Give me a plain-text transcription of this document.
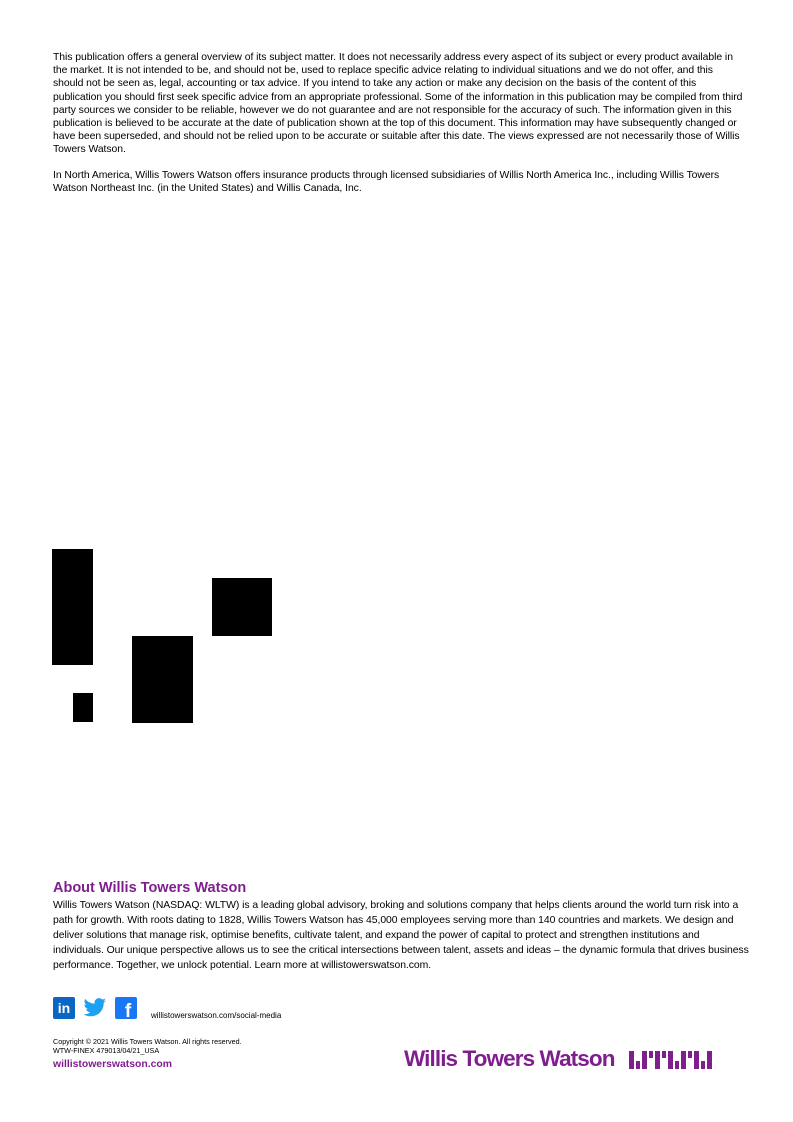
This publication offers a general overview of its subject matter. It does not necessarily address every aspect of its subject or every product available in the market. It is not intended to be, and should not be, used to replace specific advice relating to individual situations and we do not offer, and this should not be seen as, legal, accounting or tax advice. If you intend to take any action or make any decision on the basis of the content of this publication you should first seek specific advice from an appropriate professional. Some of the information in this publication may be compiled from third party sources we consider to be reliable, however we do not guarantee and are not responsible for the accuracy of such. The information given in this publication is believed to be accurate at the date of publication shown at the top of this document. This information may have subsequently changed or have been superseded, and should not be relied upon to be accurate or suitable after this date. The views expressed are not necessarily those of Willis Towers Watson.

In North America, Willis Towers Watson offers insurance products through licensed subsidiaries of Willis North America Inc., including Willis Towers Watson Northeast Inc. (in the United States) and Willis Canada, Inc.

About Willis Towers Watson

Willis Towers Watson (NASDAQ: WLTW) is a leading global advisory, broking and solutions company that helps clients around the world turn risk into a path for growth. With roots dating to 1828, Willis Towers Watson has 45,000 employees serving more than 140 countries and markets. We design and deliver solutions that manage risk, optimise benefits, cultivate talent, and expand the power of capital to protect and strengthen institutions and individuals. Our unique perspective allows us to see the critical intersections between talent, assets and ideas – the dynamic formula that drives business performance. Together, we unlock potential. Learn more at willistowerswatson.com.

in	f willistowerswatson.com/social-media
Copyright © 2021 Willis Towers Watson. All rights reserved.
WTW-FINEX 479013/04/21_USA
willistowerswatson.com	Willis Towers Watson
